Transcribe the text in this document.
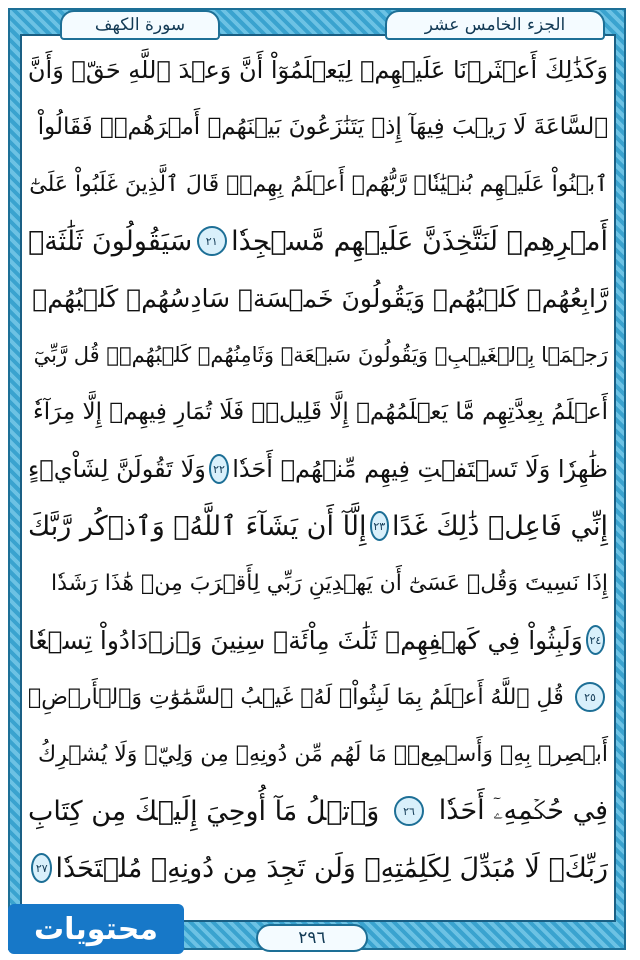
الجزء الخامس عشر
سورة الكهف
وَكَذَٰلِكَ أَعۡثَرۡنَا عَلَيۡهِمۡ لِيَعۡلَمُوٓاْ أَنَّ وَعۡدَ ٱللَّهِ حَقّٞ وَأَنَّ
ٱلسَّاعَةَ لَا رَيۡبَ فِيهَآ إِذۡ يَتَنَٰزَعُونَ بَيۡنَهُمۡ أَمۡرَهُمۡۖ فَقَالُواْ
ٱبۡنُواْ عَلَيۡهِم بُنۡيَٰنٗاۖ رَّبُّهُمۡ أَعۡلَمُ بِهِمۡۚ قَالَ ٱلَّذِينَ غَلَبُواْ عَلَىٰٓ
أَمۡرِهِمۡ لَنَتَّخِذَنَّ عَلَيۡهِم مَّسۡجِدٗا
٢١
سَيَقُولُونَ ثَلَٰثَةٞ
رَّابِعُهُمۡ كَلۡبُهُمۡ وَيَقُولُونَ خَمۡسَةٞ سَادِسُهُمۡ كَلۡبُهُمۡ
رَجۡمَۢا بِٱلۡغَيۡبِۖ وَيَقُولُونَ سَبۡعَةٞ وَثَامِنُهُمۡ كَلۡبُهُمۡۚ قُل رَّبِّيٓ
أَعۡلَمُ بِعِدَّتِهِم مَّا يَعۡلَمُهُمۡ إِلَّا قَلِيلٞۗ فَلَا تُمَارِ فِيهِمۡ إِلَّا مِرَآءٗ
ظَٰهِرٗا وَلَا تَسۡتَفۡتِ فِيهِم مِّنۡهُمۡ أَحَدٗا
٢٢
وَلَا تَقُولَنَّ لِشَاْيۡءٍ
إِنِّي فَاعِلٞ ذَٰلِكَ غَدًا
٢٣
إِلَّآ أَن يَشَآءَ ٱللَّهُۚ وَٱذۡكُر رَّبَّكَ
إِذَا نَسِيتَ وَقُلۡ عَسَىٰٓ أَن يَهۡدِيَنِ رَبِّي لِأَقۡرَبَ مِنۡ هَٰذَا رَشَدٗا
٢٤
وَلَبِثُواْ فِي كَهۡفِهِمۡ ثَلَٰثَ مِاْئَةٖ سِنِينَ وَٱزۡدَادُواْ تِسۡعٗا
٢٥
قُلِ ٱللَّهُ أَعۡلَمُ بِمَا لَبِثُواْۖ لَهُۥ غَيۡبُ ٱلسَّمَٰوَٰتِ وَٱلۡأَرۡضِۖ
أَبۡصِرۡ بِهِۦ وَأَسۡمِعۡۚ مَا لَهُم مِّن دُونِهِۦ مِن وَلِيّٖ وَلَا يُشۡرِكُ
فِي حُكۡمِهِۦٓ أَحَدٗا
٢٦
وَٱتۡلُ مَآ أُوحِيَ إِلَيۡكَ مِن كِتَابِ
رَبِّكَۖ لَا مُبَدِّلَ لِكَلِمَٰتِهِۦ وَلَن تَجِدَ مِن دُونِهِۦ مُلۡتَحَدٗا
٢٧
٢٩٦
محتويات
